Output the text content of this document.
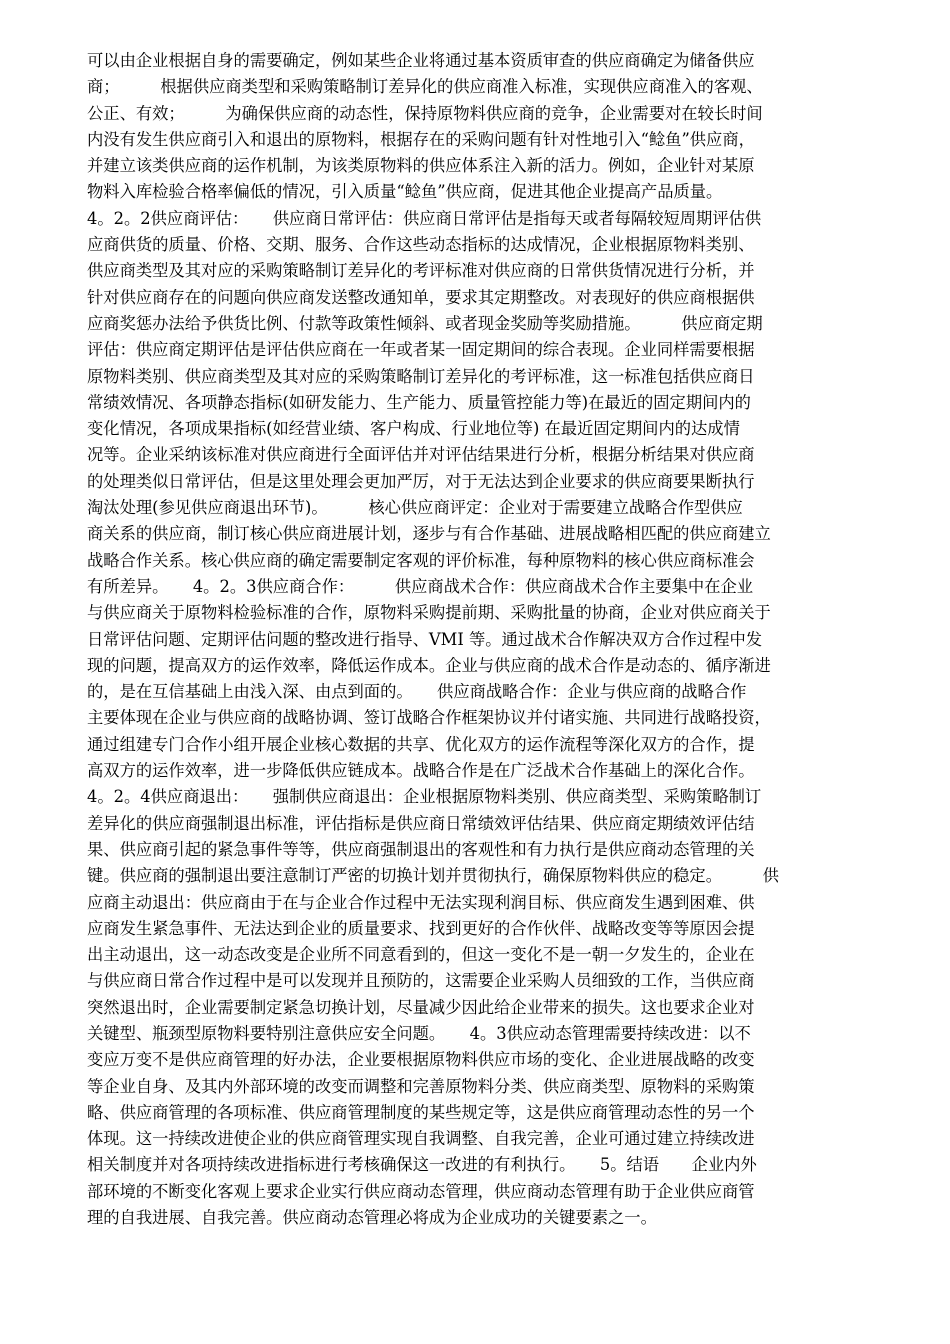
可以由企业根据自身的需要确定，例如某些企业将通过基本资质审查的供应商确定为储备供应
商；　　　根据供应商类型和采购策略制订差异化的供应商准入标准，实现供应商准入的客观、
公正、有效；　　　为确保供应商的动态性，保持原物料供应商的竞争，企业需要对在较长时间
内没有发生供应商引入和退出的原物料，根据存在的采购问题有针对性地引入“鲶鱼”供应商，
并建立该类供应商的运作机制，为该类原物料的供应体系注入新的活力。例如，企业针对某原
物料入库检验合格率偏低的情况，引入质量“鲶鱼”供应商，促进其他企业提高产品质量。
4。2。2供应商评估：　　供应商日常评估：供应商日常评估是指每天或者每隔较短周期评估供
应商供货的质量、价格、交期、服务、合作这些动态指标的达成情况，企业根据原物料类别、
供应商类型及其对应的采购策略制订差异化的考评标准对供应商的日常供货情况进行分析，并
针对供应商存在的问题向供应商发送整改通知单，要求其定期整改。对表现好的供应商根据供
应商奖惩办法给予供货比例、付款等政策性倾斜、或者现金奖励等奖励措施。　　　供应商定期
评估：供应商定期评估是评估供应商在一年或者某一固定期间的综合表现。企业同样需要根据
原物料类别、供应商类型及其对应的采购策略制订差异化的考评标准，这一标准包括供应商日
常绩效情况、各项静态指标(如研发能力、生产能力、质量管控能力等)在最近的固定期间内的
变化情况，各项成果指标(如经营业绩、客户构成、行业地位等) 在最近固定期间内的达成情
况等。企业采纳该标准对供应商进行全面评估并对评估结果进行分析，根据分析结果对供应商
的处理类似日常评估，但是这里处理会更加严厉，对于无法达到企业要求的供应商要果断执行
淘汰处理(参见供应商退出环节)。　　　核心供应商评定：企业对于需要建立战略合作型供应
商关系的供应商，制订核心供应商进展计划，逐步与有合作基础、进展战略相匹配的供应商建立
战略合作关系。核心供应商的确定需要制定客观的评价标准，每种原物料的核心供应商标准会
有所差异。　　4。2。3供应商合作：　　　供应商战术合作：供应商战术合作主要集中在企业
与供应商关于原物料检验标准的合作，原物料采购提前期、采购批量的协商，企业对供应商关于
日常评估问题、定期评估问题的整改进行指导、VMI 等。通过战术合作解决双方合作过程中发
现的问题，提高双方的运作效率，降低运作成本。企业与供应商的战术合作是动态的、循序渐进
的，是在互信基础上由浅入深、由点到面的。　　供应商战略合作：企业与供应商的战略合作
主要体现在企业与供应商的战略协调、签订战略合作框架协议并付诸实施、共同进行战略投资，
通过组建专门合作小组开展企业核心数据的共享、优化双方的运作流程等深化双方的合作，提
高双方的运作效率，进一步降低供应链成本。战略合作是在广泛战术合作基础上的深化合作。
4。2。4供应商退出：　　强制供应商退出：企业根据原物料类别、供应商类型、采购策略制订
差异化的供应商强制退出标准，评估指标是供应商日常绩效评估结果、供应商定期绩效评估结
果、供应商引起的紧急事件等等，供应商强制退出的客观性和有力执行是供应商动态管理的关
键。供应商的强制退出要注意制订严密的切换计划并贯彻执行，确保原物料供应的稳定。　　　供
应商主动退出：供应商由于在与企业合作过程中无法实现利润目标、供应商发生遇到困难、供
应商发生紧急事件、无法达到企业的质量要求、找到更好的合作伙伴、战略改变等等原因会提
出主动退出，这一动态改变是企业所不同意看到的，但这一变化不是一朝一夕发生的，企业在
与供应商日常合作过程中是可以发现并且预防的，这需要企业采购人员细致的工作，当供应商
突然退出时，企业需要制定紧急切换计划，尽量减少因此给企业带来的损失。这也要求企业对
关键型、瓶颈型原物料要特别注意供应安全问题。　　4。3供应动态管理需要持续改进：以不
变应万变不是供应商管理的好办法，企业要根据原物料供应市场的变化、企业进展战略的改变
等企业自身、及其内外部环境的改变而调整和完善原物料分类、供应商类型、原物料的采购策
略、供应商管理的各项标准、供应商管理制度的某些规定等，这是供应商管理动态性的另一个
体现。这一持续改进使企业的供应商管理实现自我调整、自我完善，企业可通过建立持续改进
相关制度并对各项持续改进指标进行考核确保这一改进的有利执行。　　5。结语　　企业内外
部环境的不断变化客观上要求企业实行供应商动态管理，供应商动态管理有助于企业供应商管
理的自我进展、自我完善。供应商动态管理必将成为企业成功的关键要素之一。
